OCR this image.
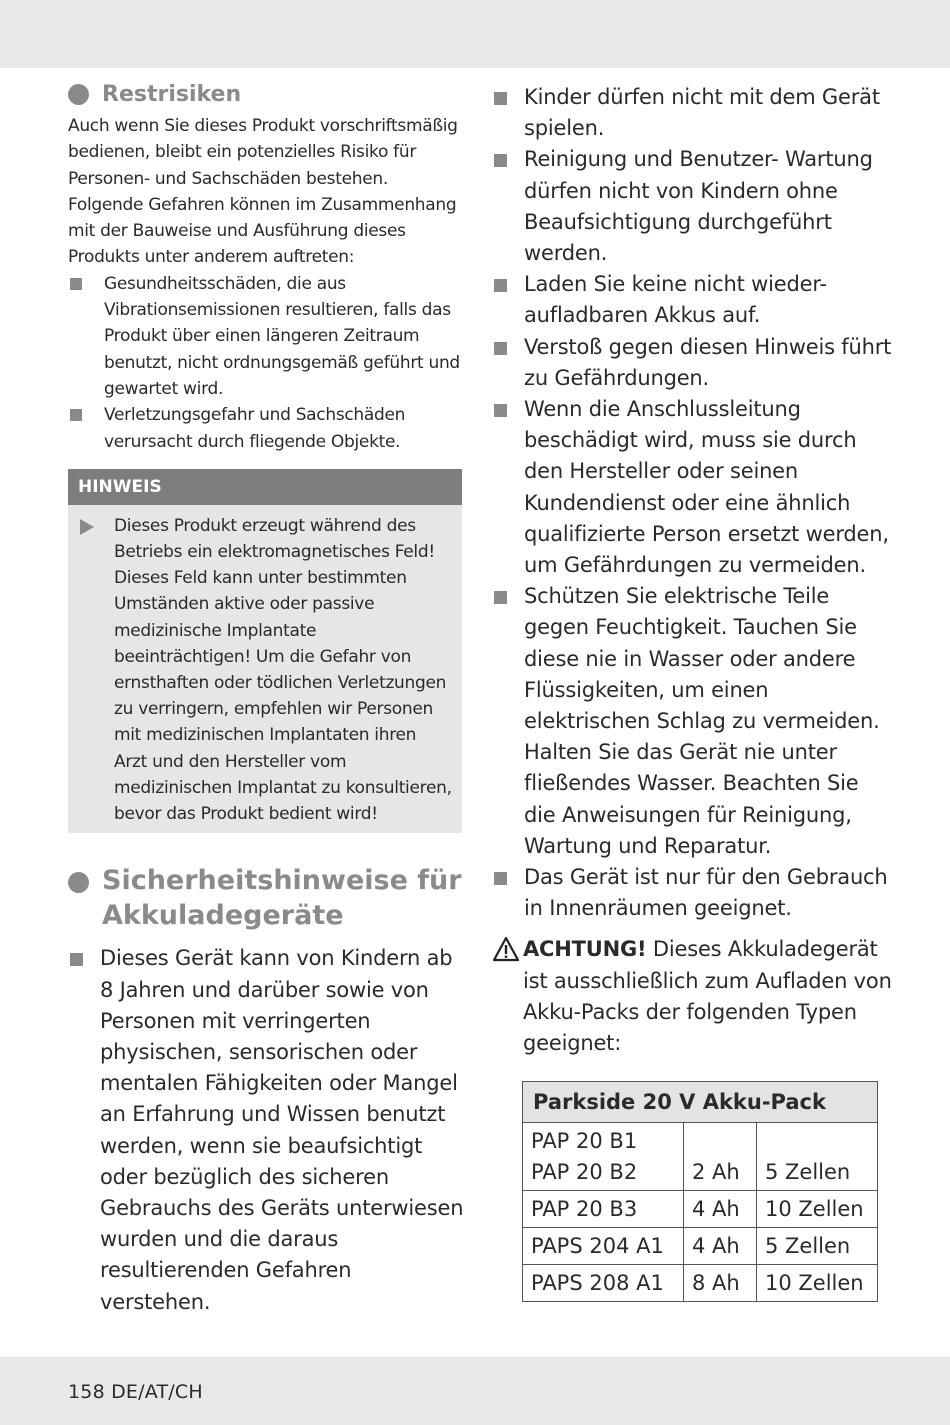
Restrisiken

Auch wenn Sie dieses Produkt vorschriftsmäßig bedienen, bleibt ein potenzielles Risiko für Personen- und Sachschäden bestehen. Folgende Gefahren können im Zusammenhang mit der Bauweise und Ausführung dieses Produkts unter anderem auftreten:

Gesundheitsschäden, die aus Vibrationsemissionen resultieren, falls das Produkt über einen längeren Zeitraum benutzt, nicht ordnungsgemäß geführt und gewartet wird.
Verletzungsgefahr und Sachschäden verursacht durch fliegende Objekte.
HINWEIS
Dieses Produkt erzeugt während des Betriebs ein elektromagnetisches Feld! Dieses Feld kann unter bestimmten Umständen aktive oder passive medizinische Implantate beeinträchtigen! Um die Gefahr von ernsthaften oder tödlichen Verletzungen zu verringern, empfehlen wir Personen mit medizinischen Implantaten ihren Arzt und den Hersteller vom medizinischen Implantat zu konsultieren, bevor das Produkt bedient wird!
Sicherheitshinweise für
Akkuladegeräte
Dieses Gerät kann von Kindern ab 8 Jahren und darüber sowie von Personen mit verringerten physischen, sensorischen oder mentalen Fähigkeiten oder Mangel an Erfahrung und Wissen benutzt werden, wenn sie beaufsichtigt oder bezüglich des sicheren Gebrauchs des Geräts unterwiesen wurden und die daraus resultierenden Gefahren verstehen.
Kinder dürfen nicht mit dem Gerät spielen.
Reinigung und Benutzer- Wartung dürfen nicht von Kindern ohne Beaufsichtigung durchgeführt werden.
Laden Sie keine nicht wieder-aufladbaren Akkus auf.
Verstoß gegen diesen Hinweis führt zu Gefährdungen.
Wenn die Anschlussleitung beschädigt wird, muss sie durch den Hersteller oder seinen Kundendienst oder eine ähnlich qualifizierte Person ersetzt werden, um Gefährdungen zu vermeiden.
Schützen Sie elektrische Teile gegen Feuchtigkeit. Tauchen Sie diese nie in Wasser oder andere Flüssigkeiten, um einen elektrischen Schlag zu vermeiden. Halten Sie das Gerät nie unter fließendes Wasser. Beachten Sie die Anweisungen für Reinigung, Wartung und Reparatur.
Das Gerät ist nur für den Gebrauch in Innenräumen geeignet.
ACHTUNG! Dieses Akkuladegerät ist ausschließlich zum Aufladen von Akku-Packs der folgenden Typen geeignet:
Parkside 20 V Akku-Pack		
PAP 20 B1
PAP 20 B2	2 Ah	5 Zellen
PAP 20 B3	4 Ah	10 Zellen
PAPS 204 A1	4 Ah	5 Zellen
PAPS 208 A1	8 Ah	10 Zellen
158 DE/AT/CH
